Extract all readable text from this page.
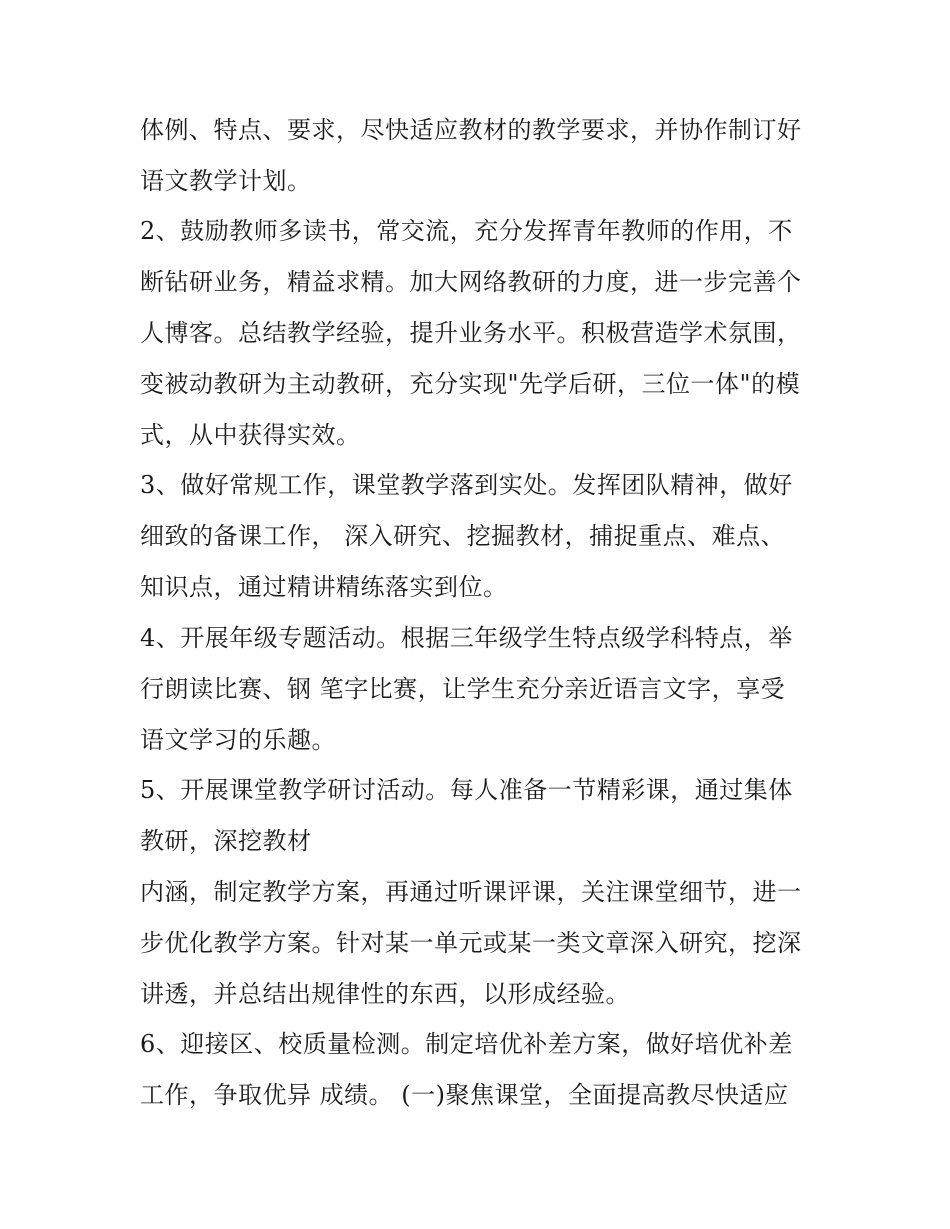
体例、特点、要求，尽快适应教材的教学要求，并协作制订好
语文教学计划。
2、鼓励教师多读书，常交流，充分发挥青年教师的作用，不
断钻研业务，精益求精。加大网络教研的力度，进一步完善个
人博客。总结教学经验，提升业务水平。积极营造学术氛围，
变被动教研为主动教研，充分实现"先学后研，三位一体"的模
式，从中获得实效。
3、做好常规工作，课堂教学落到实处。发挥团队精神，做好
细致的备课工作， 深入研究、挖掘教材，捕捉重点、难点、
知识点，通过精讲精练落实到位。
4、开展年级专题活动。根据三年级学生特点级学科特点，举
行朗读比赛、钢 笔字比赛，让学生充分亲近语言文字，享受
语文学习的乐趣。
5、开展课堂教学研讨活动。每人准备一节精彩课，通过集体
教研，深挖教材
内涵，制定教学方案，再通过听课评课，关注课堂细节，进一
步优化教学方案。针对某一单元或某一类文章深入研究，挖深
讲透，并总结出规律性的东西，以形成经验。
6、迎接区、校质量检测。制定培优补差方案，做好培优补差
工作，争取优异 成绩。 (一)聚焦课堂，全面提高教尽快适应
